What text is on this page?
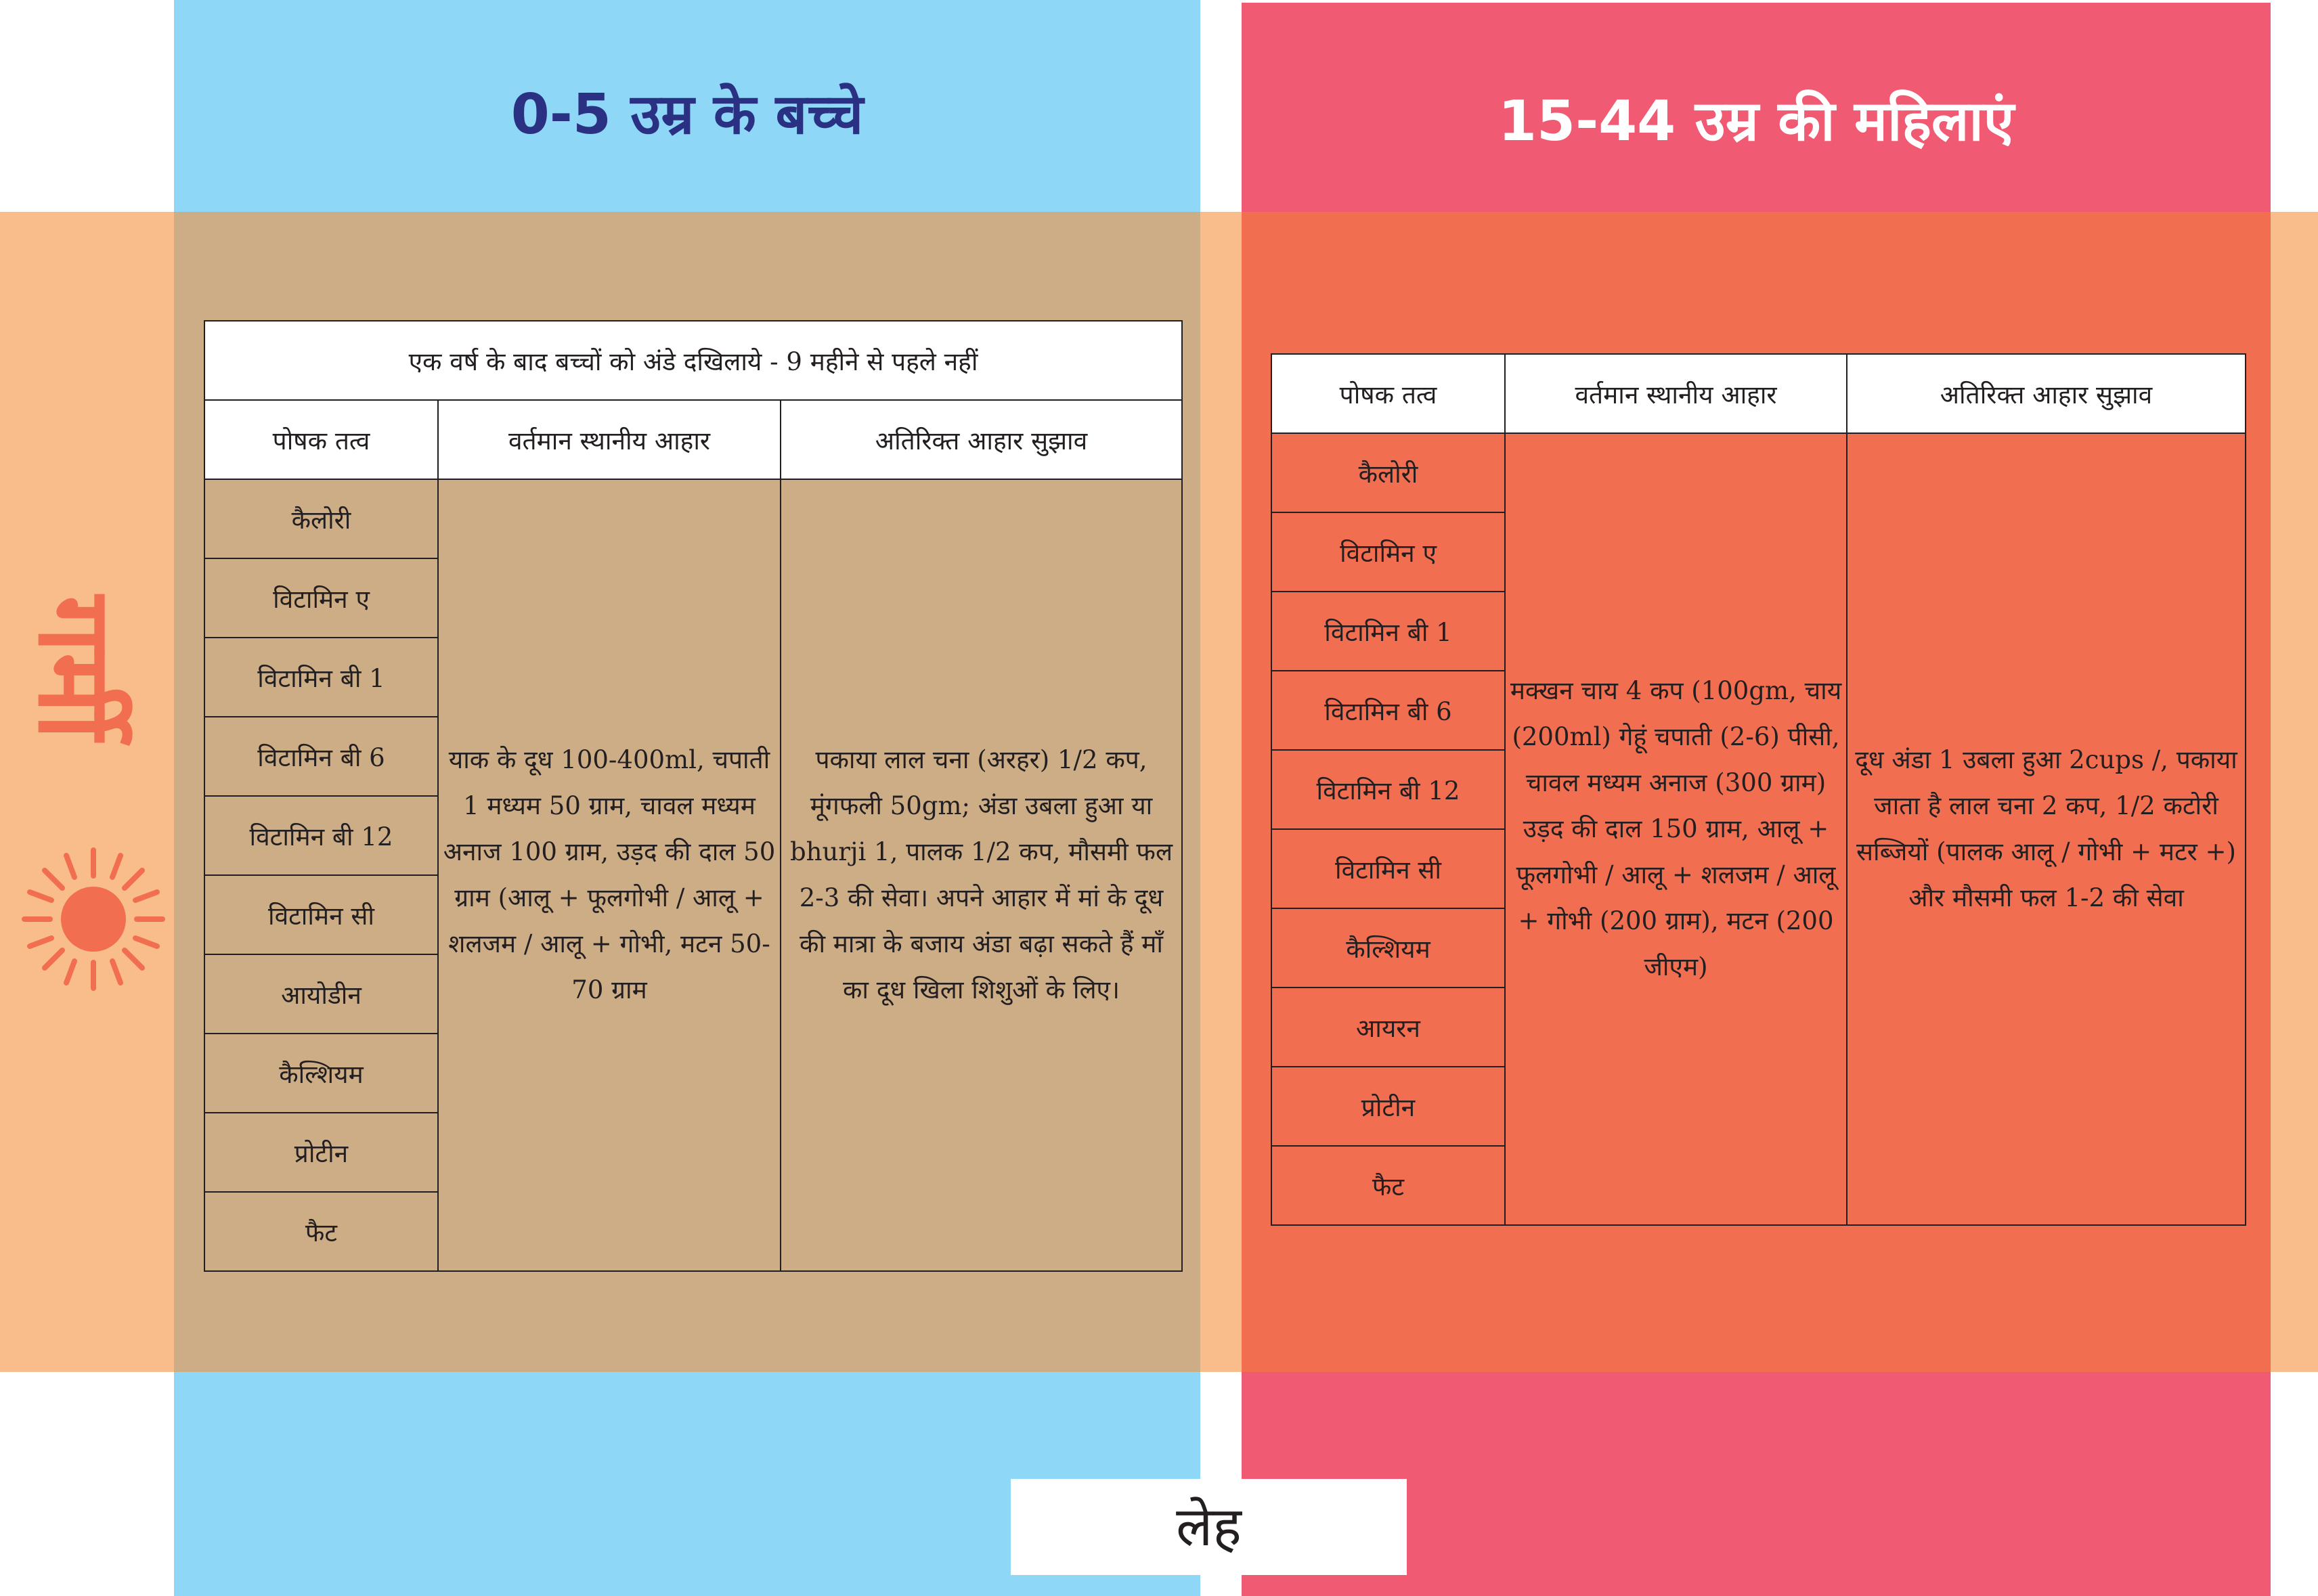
0-5 उम्र के बच्चे	15-44 उम्र की महिलाएं
एक वर्ष के बाद बच्चों को अंडे दखिलाये - 9 महीने से पहले नहीं		
पोषक तत्व	वर्तमान स्थानीय आहार	अतिरिक्त आहार सुझाव
कैलोरी	याक के दूध 100-400ml, चपाती 1 मध्यम 50 ग्राम, चावल मध्यम अनाज 100 ग्राम, उड़द की दाल 50 ग्राम (आलू + फूलगोभी / आलू + शलजम / आलू + गोभी, मटन 50-70 ग्राम	पकाया लाल चना (अरहर) 1/2 कप, मूंगफली 50gm; अंडा उबला हुआ या bhurji 1, पालक 1/2 कप, मौसमी फल 2-3 की सेवा। अपने आहार में मां के दूध की मात्रा के बजाय अंडा बढ़ा सकते हैं माँ का दूध खिला शिशुओं के लिए।
विटामिन ए		
विटामिन बी 1		
विटामिन बी 6		
विटामिन बी 12		
विटामिन सी		
आयोडीन		
कैल्शियम		
प्रोटीन		
फैट		
पोषक तत्व	वर्तमान स्थानीय आहार	अतिरिक्त आहार सुझाव
कैलोरी	मक्खन चाय 4 कप (100gm, चाय (200ml) गेहूं चपाती (2-6) पीसी, चावल मध्यम अनाज (300 ग्राम) उड़द की दाल 150 ग्राम, आलू + फूलगोभी / आलू + शलजम / आलू + गोभी (200 ग्राम), मटन (200 जीएम)	दूध अंडा 1 उबला हुआ 2cups /, पकाया जाता है लाल चना 2 कप, 1/2 कटोरी सब्जियों (पालक आलू / गोभी + मटर +) और मौसमी फल 1-2 की सेवा
विटामिन ए		
विटामिन बी 1		
विटामिन बी 6		
विटामिन बी 12		
विटामिन सी		
कैल्शियम		
आयरन		
प्रोटीन		
फैट		
गर्मी
लेह
